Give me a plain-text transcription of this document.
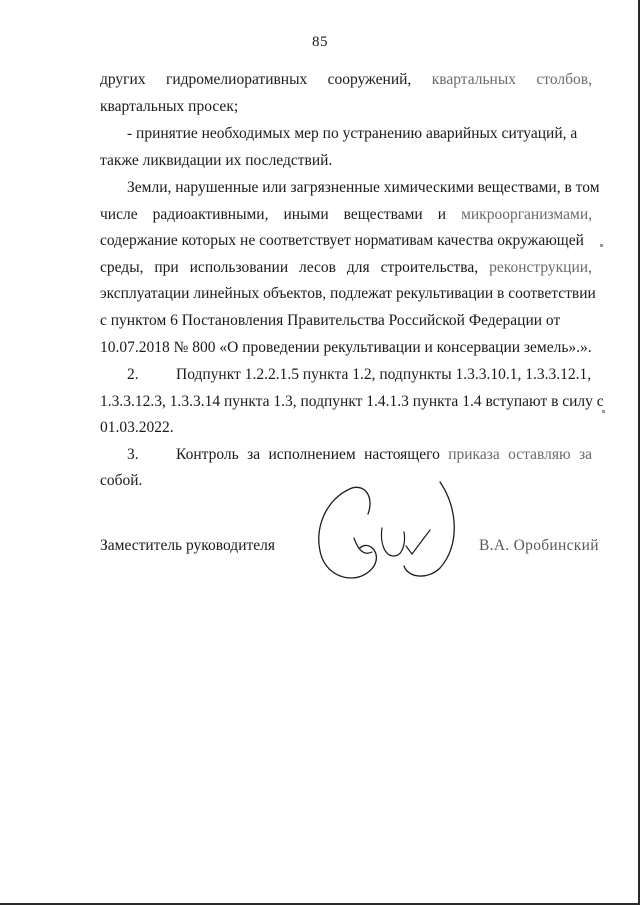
85
других гидромелиоративных сооружений, квартальных столбов,
квартальных просек;
- принятие необходимых мер по устранению аварийных ситуаций, а
также ликвидации их последствий.
Земли, нарушенные или загрязненные химическими веществами, в том
числе радиоактивными, иными веществами и микроорганизмами,
содержание которых не соответствует нормативам качества окружающей
среды, при использовании лесов для строительства, реконструкции,
эксплуатации линейных объектов, подлежат рекультивации в соответствии
с пунктом 6 Постановления Правительства Российской Федерации от
10.07.2018 № 800 «О проведении рекультивации и консервации земель».».
2.	Подпункт 1.2.2.1.5 пункта 1.2, подпункты 1.3.3.10.1, 1.3.3.12.1,
1.3.3.12.3, 1.3.3.14 пункта 1.3, подпункт 1.4.1.3 пункта 1.4 вступают в силу с
01.03.2022.
3.	Контроль за исполнением настоящего приказа оставляю за
собой.
Заместитель руководителя	В.А. Оробинский
